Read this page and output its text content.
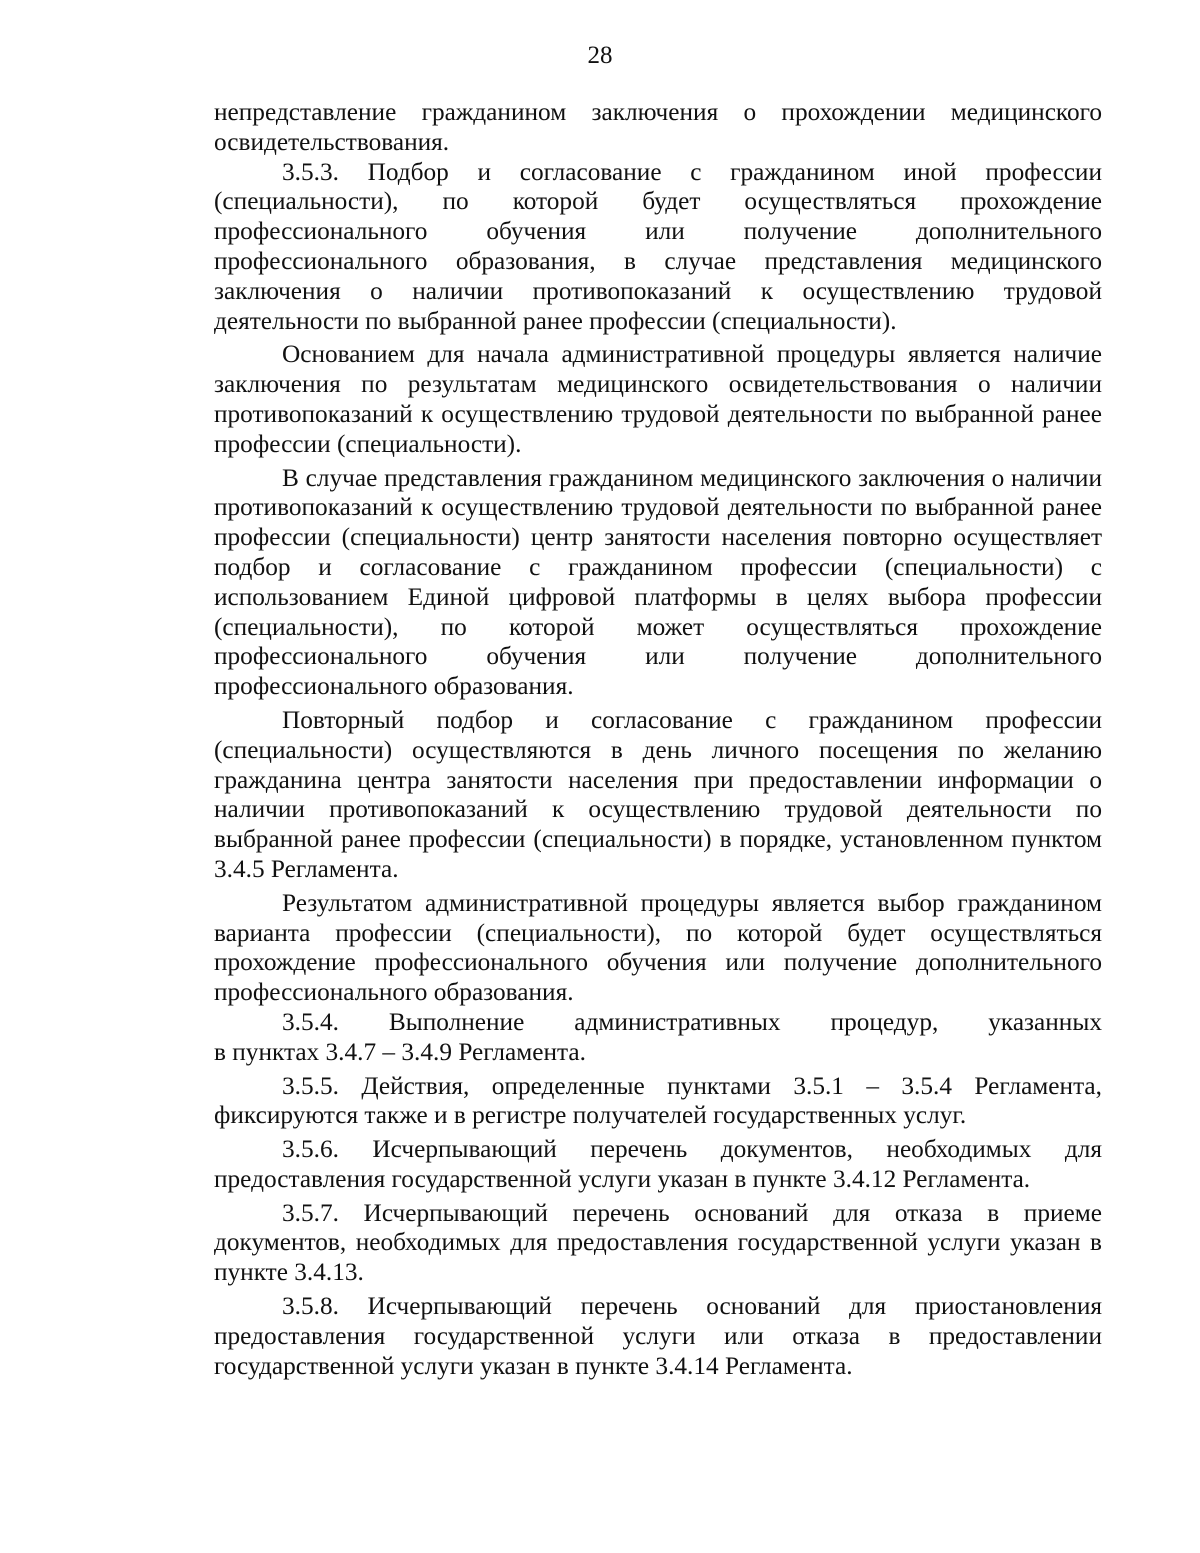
28

непредставление гражданином заключения о прохождении медицинского освидетельствования.

3.5.3. Подбор и согласование с гражданином иной профессии (специальности), по которой будет осуществляться прохождение профессионального обучения или получение дополнительного профессионального образования, в случае представления медицинского заключения о наличии противопоказаний к осуществлению трудовой деятельности по выбранной ранее профессии (специальности).

Основанием для начала административной процедуры является наличие заключения по результатам медицинского освидетельствования о наличии противопоказаний к осуществлению трудовой деятельности по выбранной ранее профессии (специальности).

В случае представления гражданином медицинского заключения о наличии противопоказаний к осуществлению трудовой деятельности по выбранной ранее профессии (специальности) центр занятости населения повторно осуществляет подбор и согласование с гражданином профессии (специальности) с использованием Единой цифровой платформы в целях выбора профессии (специальности), по которой может осуществляться прохождение профессионального обучения или получение дополнительного профессионального образования.

Повторный подбор и согласование с гражданином профессии (специальности) осуществляются в день личного посещения по желанию гражданина центра занятости населения при предоставлении информации о наличии противопоказаний к осуществлению трудовой деятельности по выбранной ранее профессии (специальности) в порядке, установленном пунктом 3.4.5 Регламента.

Результатом административной процедуры является выбор гражданином варианта профессии (специальности), по которой будет осуществляться прохождение профессионального обучения или получение дополнительного профессионального образования.

3.5.4. Выполнение административных процедур, указанных

в пунктах 3.4.7 – 3.4.9 Регламента.

3.5.5. Действия, определенные пунктами 3.5.1 – 3.5.4 Регламента, фиксируются также и в регистре получателей государственных услуг.

3.5.6. Исчерпывающий перечень документов, необходимых для предоставления государственной услуги указан в пункте 3.4.12 Регламента.

3.5.7. Исчерпывающий перечень оснований для отказа в приеме документов, необходимых для предоставления государственной услуги указан в пункте 3.4.13.

3.5.8. Исчерпывающий перечень оснований для приостановления предоставления государственной услуги или отказа в предоставлении государственной услуги указан в пункте 3.4.14 Регламента.
